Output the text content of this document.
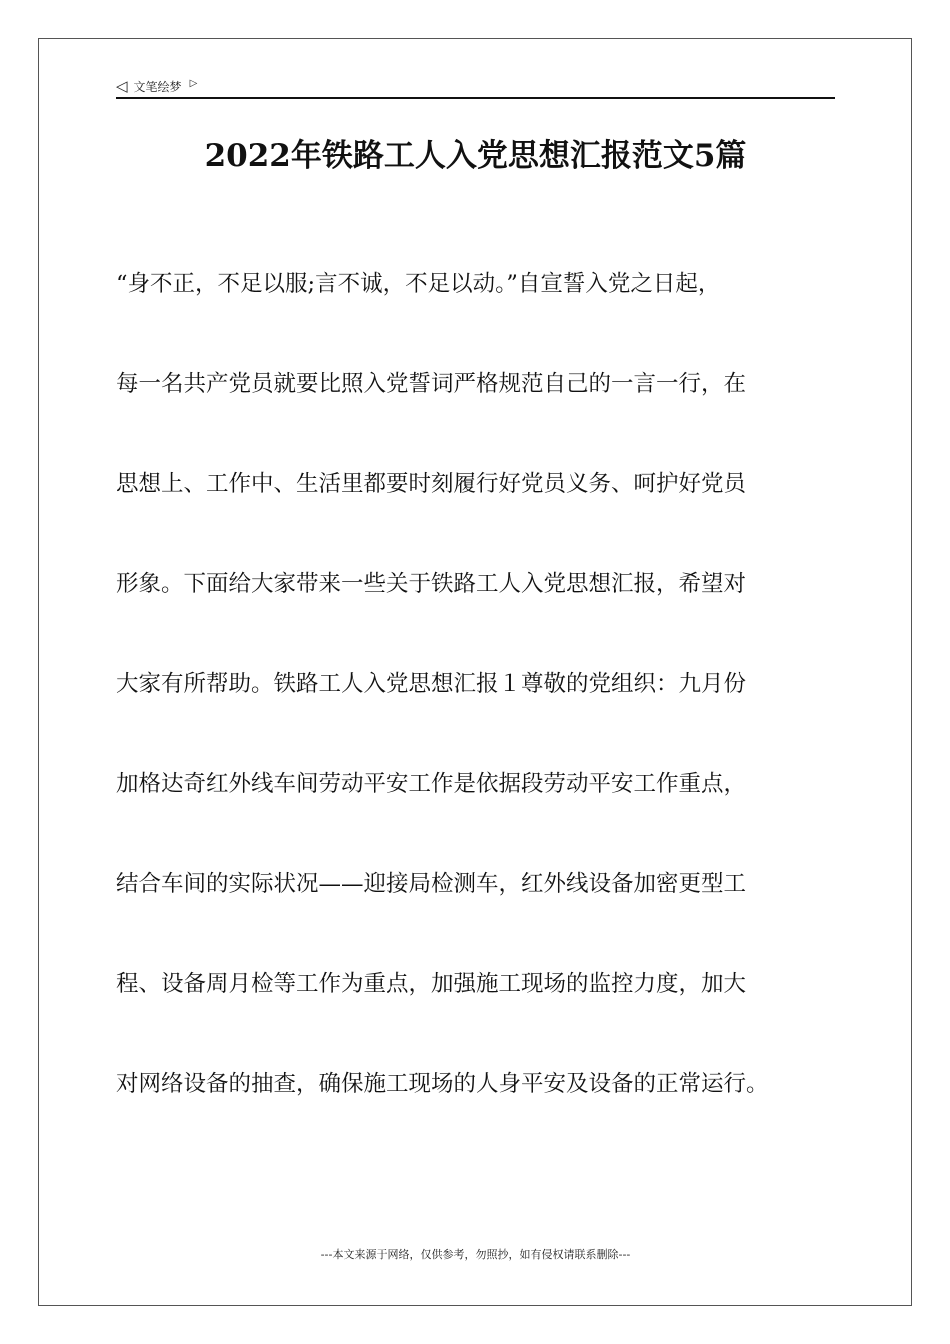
◁ 文笔绘梦 ▷
2022年铁路工人入党思想汇报范文5篇
“身不正，不足以服;言不诚，不足以动。”自宣誓入党之日起，
每一名共产党员就要比照入党誓词严格规范自己的一言一行，在
思想上、工作中、生活里都要时刻履行好党员义务、呵护好党员
形象。下面给大家带来一些关于铁路工人入党思想汇报，希望对
大家有所帮助。铁路工人入党思想汇报１尊敬的党组织：九月份
加格达奇红外线车间劳动平安工作是依据段劳动平安工作重点，
结合车间的实际状况——迎接局检测车，红外线设备加密更型工
程、设备周月检等工作为重点，加强施工现场的监控力度，加大
对网络设备的抽查，确保施工现场的人身平安及设备的正常运行。
---本文来源于网络，仅供参考，勿照抄，如有侵权请联系删除---
